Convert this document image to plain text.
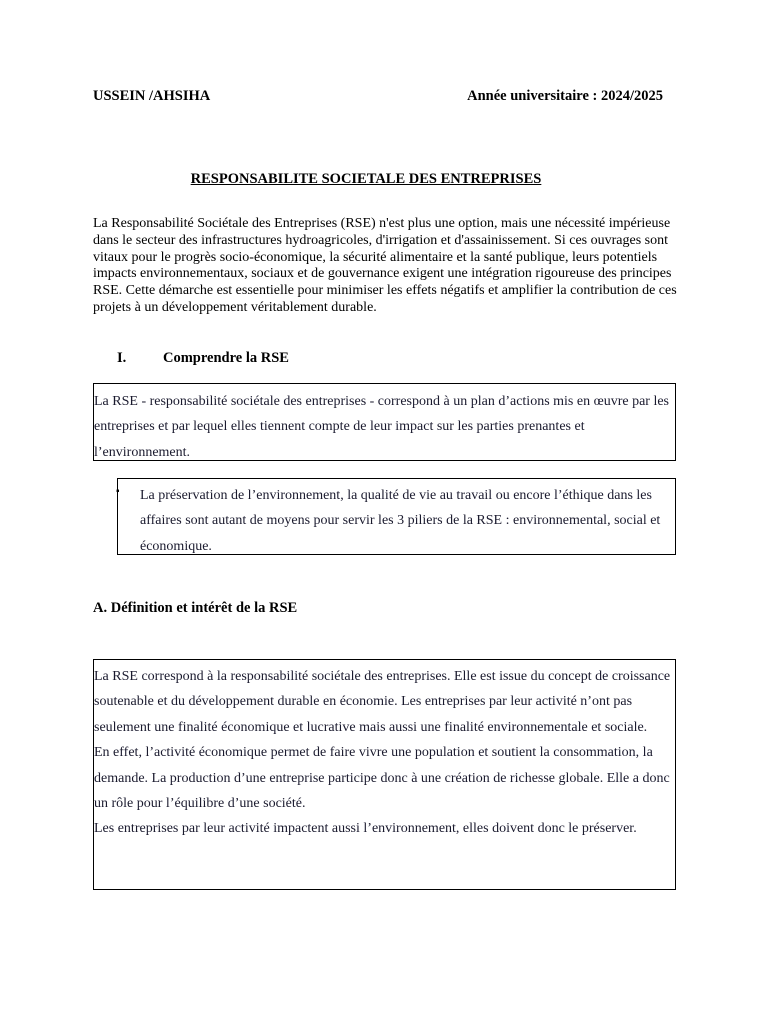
USSEIN /AHSIHA	Année universitaire : 2024/2025
RESPONSABILITE SOCIETALE DES ENTREPRISES
La Responsabilité Sociétale des Entreprises (RSE) n'est plus une option, mais une nécessité impérieuse dans le secteur des infrastructures hydroagricoles, d'irrigation et d'assainissement. Si ces ouvrages sont vitaux pour le progrès socio-économique, la sécurité alimentaire et la santé publique, leurs potentiels impacts environnementaux, sociaux et de gouvernance exigent une intégration rigoureuse des principes RSE. Cette démarche est essentielle pour minimiser les effets négatifs et amplifier la contribution de ces projets à un développement véritablement durable.
I.	Comprendre la RSE
La RSE - responsabilité sociétale des entreprises - correspond à un plan d’actions mis en œuvre par les entreprises et par lequel elles tiennent compte de leur impact sur les parties prenantes et l’environnement.
▪ La préservation de l’environnement, la qualité de vie au travail ou encore l’éthique dans les affaires sont autant de moyens pour servir les 3 piliers de la RSE : environnemental, social et économique.
A. Définition et intérêt de la RSE
La RSE correspond à la responsabilité sociétale des entreprises. Elle est issue du concept de croissance soutenable et du développement durable en économie. Les entreprises par leur activité n’ont pas seulement une finalité économique et lucrative mais aussi une finalité environnementale et sociale.
En effet, l’activité économique permet de faire vivre une population et soutient la consommation, la demande. La production d’une entreprise participe donc à une création de richesse globale. Elle a donc un rôle pour l’équilibre d’une société.
Les entreprises par leur activité impactent aussi l’environnement, elles doivent donc le préserver.
